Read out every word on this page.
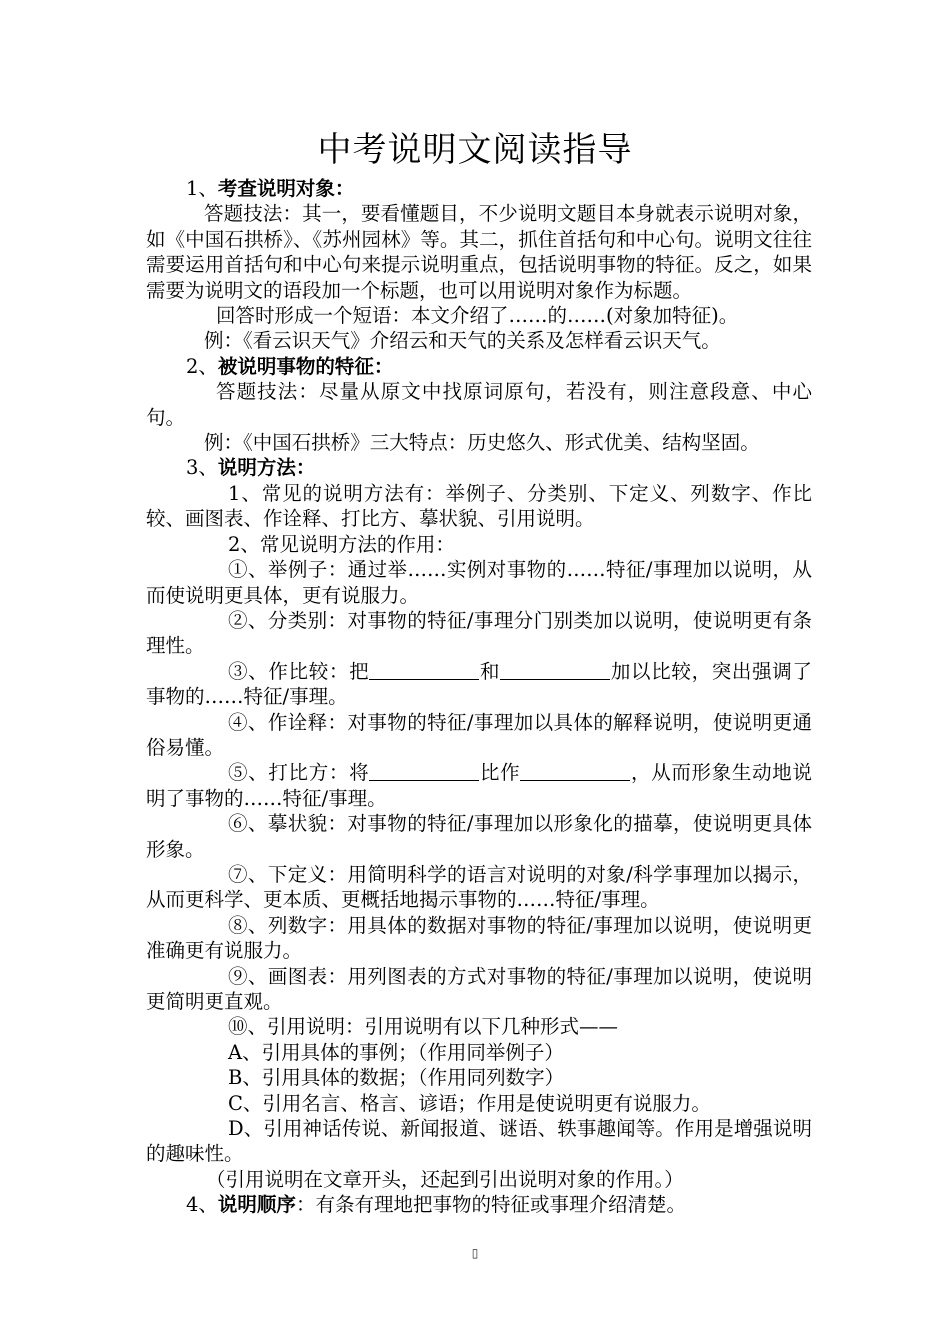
中考说明文阅读指导

1、考查说明对象：

答题技法：其一，要看懂题目，不少说明文题目本身就表示说明对象，如《中国石拱桥》、《苏州园林》等。其二，抓住首括句和中心句。说明文往往需要运用首括句和中心句来提示说明重点，包括说明事物的特征。反之，如果需要为说明文的语段加一个标题，也可以用说明对象作为标题。

回答时形成一个短语：本文介绍了……的……(对象加特征)。

例：《看云识天气》介绍云和天气的关系及怎样看云识天气。

2、被说明事物的特征：

答题技法：尽量从原文中找原词原句，若没有，则注意段意、中心句。

例：《中国石拱桥》三大特点：历史悠久、形式优美、结构坚固。

3、说明方法：

1、常见的说明方法有：举例子、分类别、下定义、列数字、作比较、画图表、作诠释、打比方、摹状貌、引用说明。

2、常见说明方法的作用：

①、举例子：通过举……实例对事物的……特征/事理加以说明，从而使说明更具体，更有说服力。

②、分类别：对事物的特征/事理分门别类加以说明，使说明更有条理性。

③、作比较：把	和	加以比较，突出强调了事物的……特征/事理。

④、作诠释：对事物的特征/事理加以具体的解释说明，使说明更通俗易懂。

⑤、打比方：将	比作	，从而形象生动地说明了事物的……特征/事理。

⑥、摹状貌：对事物的特征/事理加以形象化的描摹，使说明更具体形象。

⑦、下定义：用简明科学的语言对说明的对象/科学事理加以揭示，从而更科学、更本质、更概括地揭示事物的……特征/事理。

⑧、列数字：用具体的数据对事物的特征/事理加以说明，使说明更准确更有说服力。

⑨、画图表：用列图表的方式对事物的特征/事理加以说明，使说明更简明更直观。

⑩、引用说明：引用说明有以下几种形式——

A、引用具体的事例；（作用同举例子）

B、引用具体的数据；（作用同列数字）

C、引用名言、格言、谚语；作用是使说明更有说服力。

D、引用神话传说、新闻报道、谜语、轶事趣闻等。作用是增强说明的趣味性。

（引用说明在文章开头，还起到引出说明对象的作用。）

4、说明顺序：有条有理地把事物的特征或事理介绍清楚。

▯
